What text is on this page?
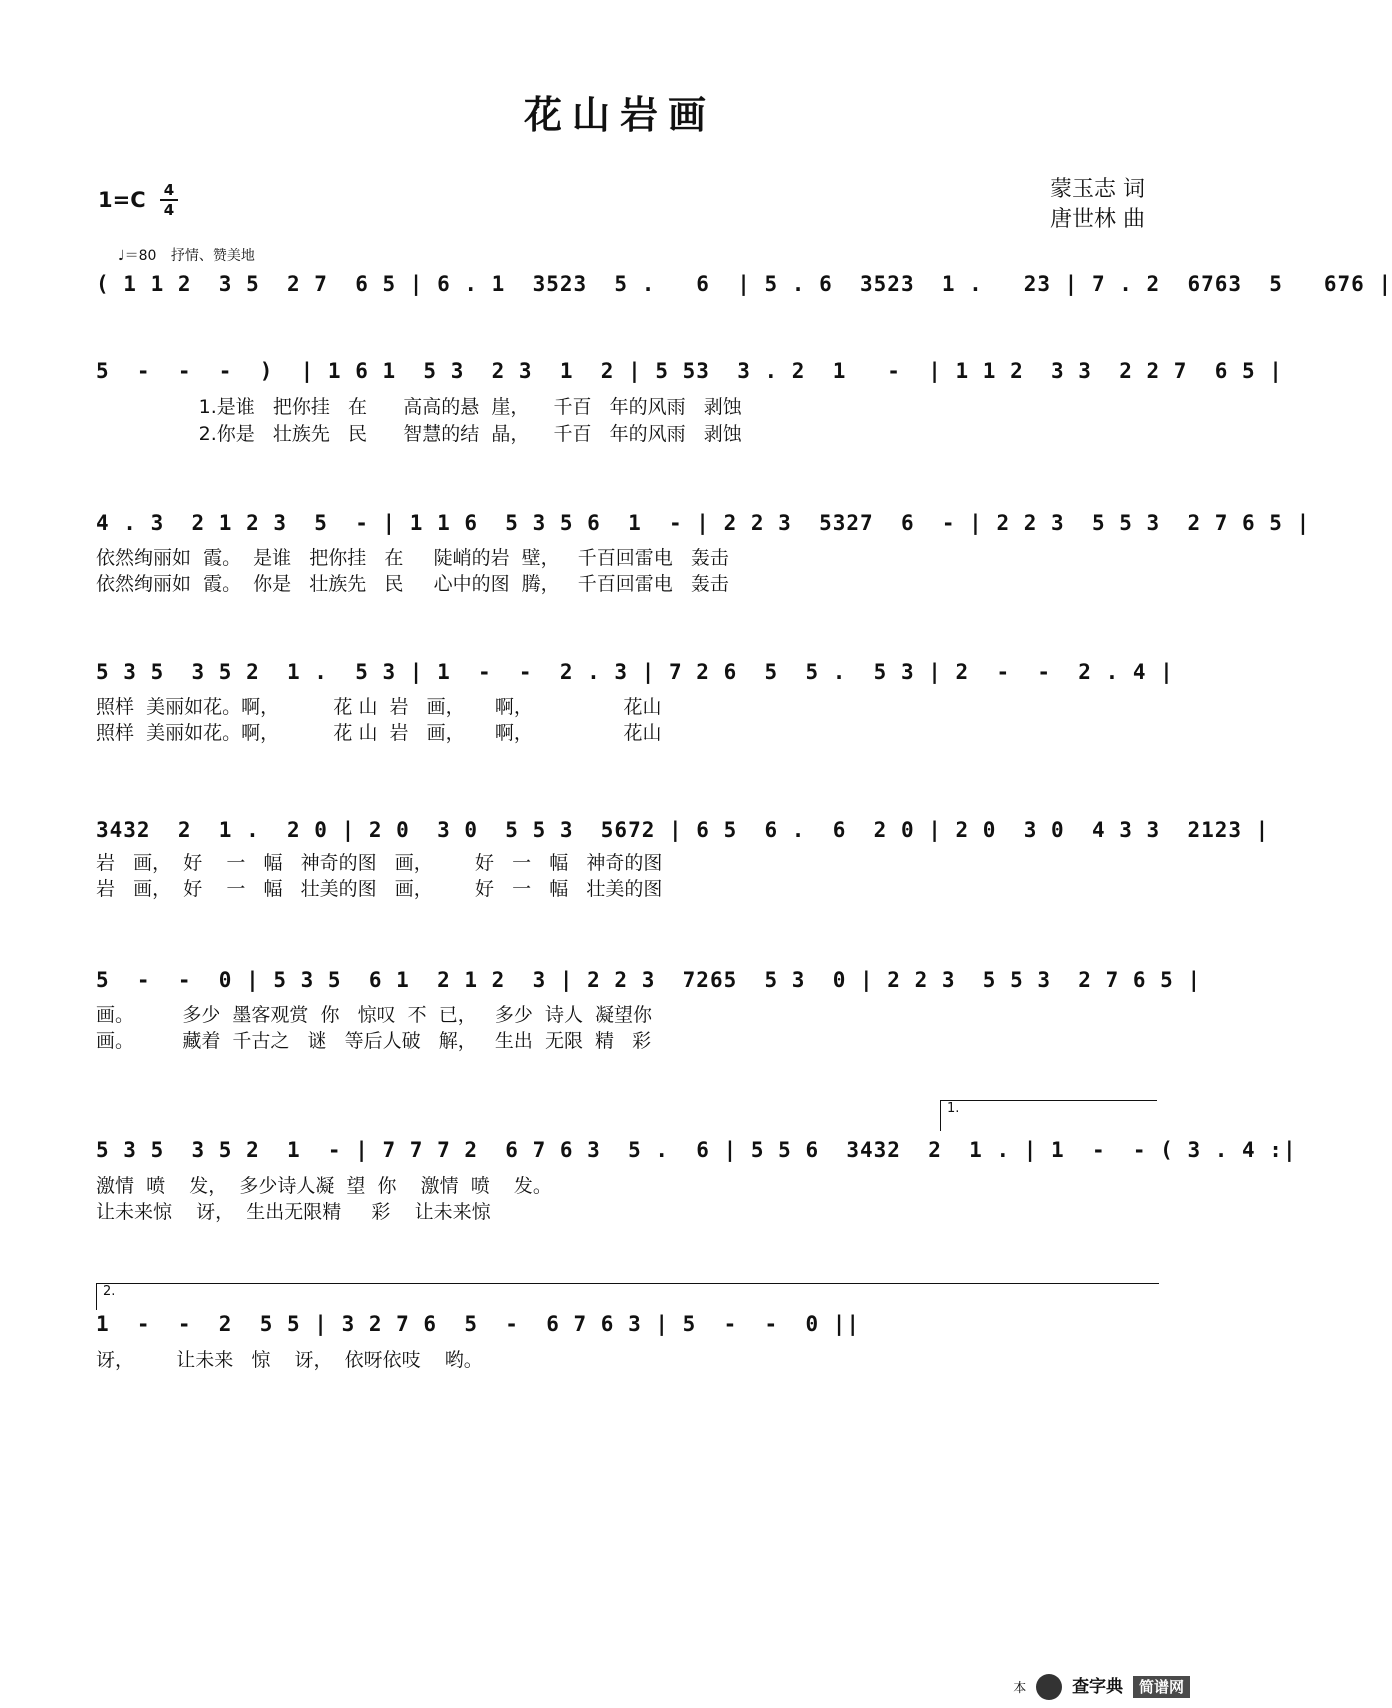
花山岩画
1=C 4
4
蒙玉志 词
唐世林 曲
♩＝80 抒情、赞美地
( 1 1 2  3 5  2 7  6 5 | 6 . 1  3523  5 .   6  | 5 . 6  3523  1 .   23 | 7 . 2  6763  5   676 |
5  -  -  -  )  | 1 6 1  5 3  2 3  1  2 | 5 53  3 . 2  1   -  | 1 1 2  3 3  2 2 7  6 5 |
1.是谁   把你挂   在      高高的悬  崖，    千百   年的风雨   剥蚀
2.你是   壮族先   民      智慧的结  晶，    千百   年的风雨   剥蚀
4 . 3  2 1 2 3  5  - | 1 1 6  5 3 5 6  1  - | 2 2 3  5327  6  - | 2 2 3  5 5 3  2 7 6 5 |
依然绚丽如  霞。  是谁   把你挂   在     陡峭的岩  壁，   千百回雷电   轰击
依然绚丽如  霞。  你是   壮族先   民     心中的图  腾，   千百回雷电   轰击
5 3 5  3 5 2  1 .  5 3 | 1  -  -  2 . 3 | 7 2 6  5  5 .  5 3 | 2  -  -  2 . 4 |
照样  美丽如花。啊，         花 山  岩   画，     啊，               花山
照样  美丽如花。啊，         花 山  岩   画，     啊，               花山
3432  2  1 .  2 0 | 2 0  3 0  5 5 3  5672 | 6 5  6 .  6  2 0 | 2 0  3 0  4 3 3  2123 |
岩   画，  好    一   幅   神奇的图   画，       好   一   幅   神奇的图
岩   画，  好    一   幅   壮美的图   画，       好   一   幅   壮美的图
5  -  -  0 | 5 3 5  6 1  2 1 2  3 | 2 2 3  7265  5 3  0 | 2 2 3  5 5 3  2 7 6 5 |
画。        多少  墨客观赏  你   惊叹  不  已，   多少  诗人  凝望你
画。        藏着  千古之   谜   等后人破   解，   生出  无限  精   彩
1.
5 3 5  3 5 2  1  - | 7 7 7 2  6 7 6 3  5 .  6 | 5 5 6  3432  2  1 . | 1  -  - ( 3 . 4 :|
激情  喷    发，  多少诗人凝  望  你    激情  喷    发。
让未来惊    讶，  生出无限精     彩    让未来惊
2.
1  -  -  2  5 5 | 3 2 7 6  5  -  6 7 6 3 | 5  -  -  0 ||
讶，       让未来   惊    讶，  依呀依吱    哟。
本	查字典 简谱网
